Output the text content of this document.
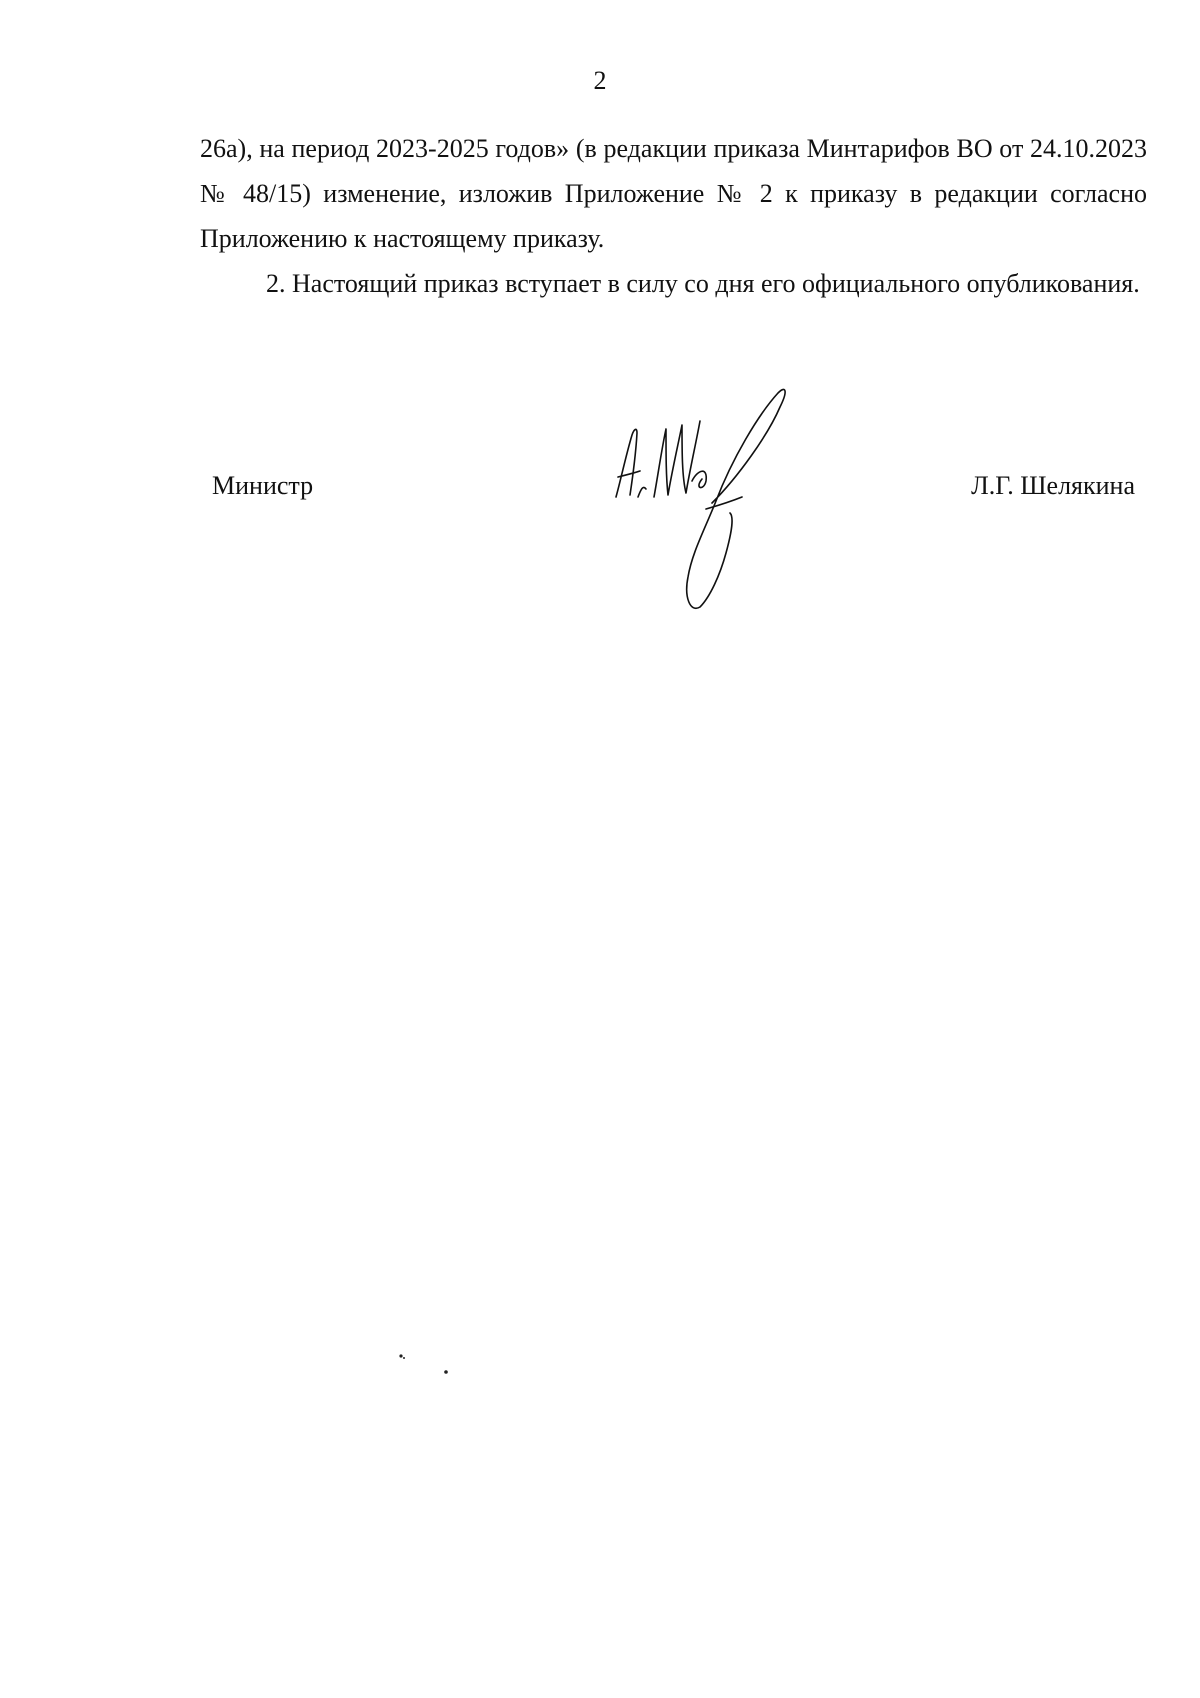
2

26а), на период 2023-2025 годов» (в редакции приказа Минтарифов ВО от 24.10.2023 № 48/15) изменение, изложив Приложение № 2 к приказу в редакции согласно Приложению к настоящему приказу.

2. Настоящий приказ вступает в силу со дня его официального опубликования.

Министр	Л.Г. Шелякина
